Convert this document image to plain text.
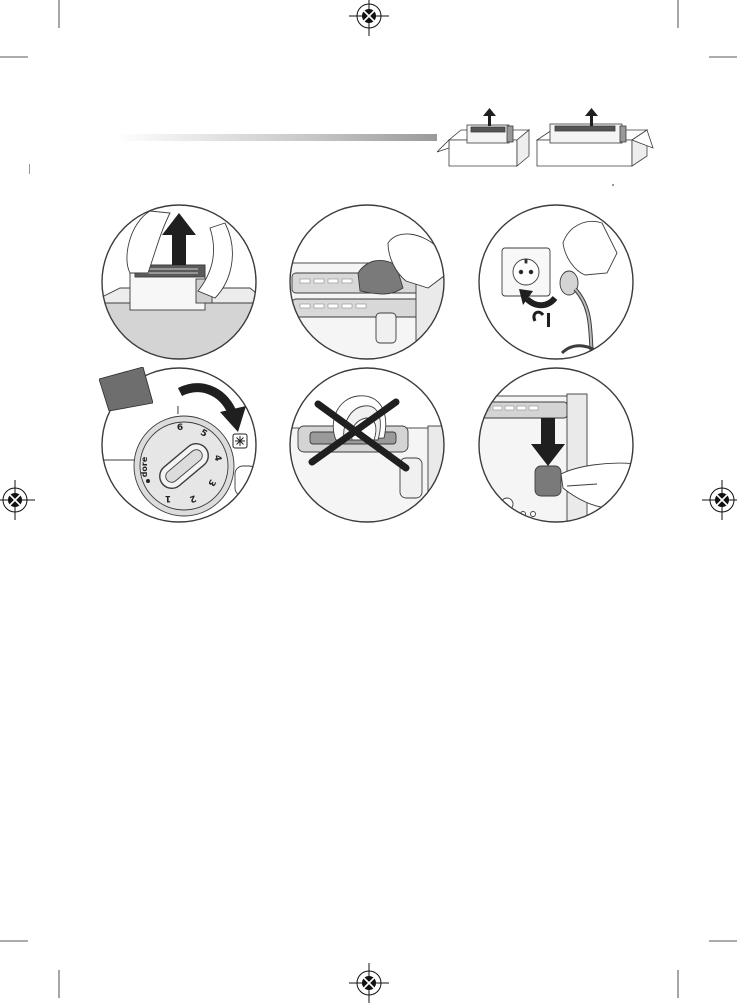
1 2
3
4
5
6
|
dore
